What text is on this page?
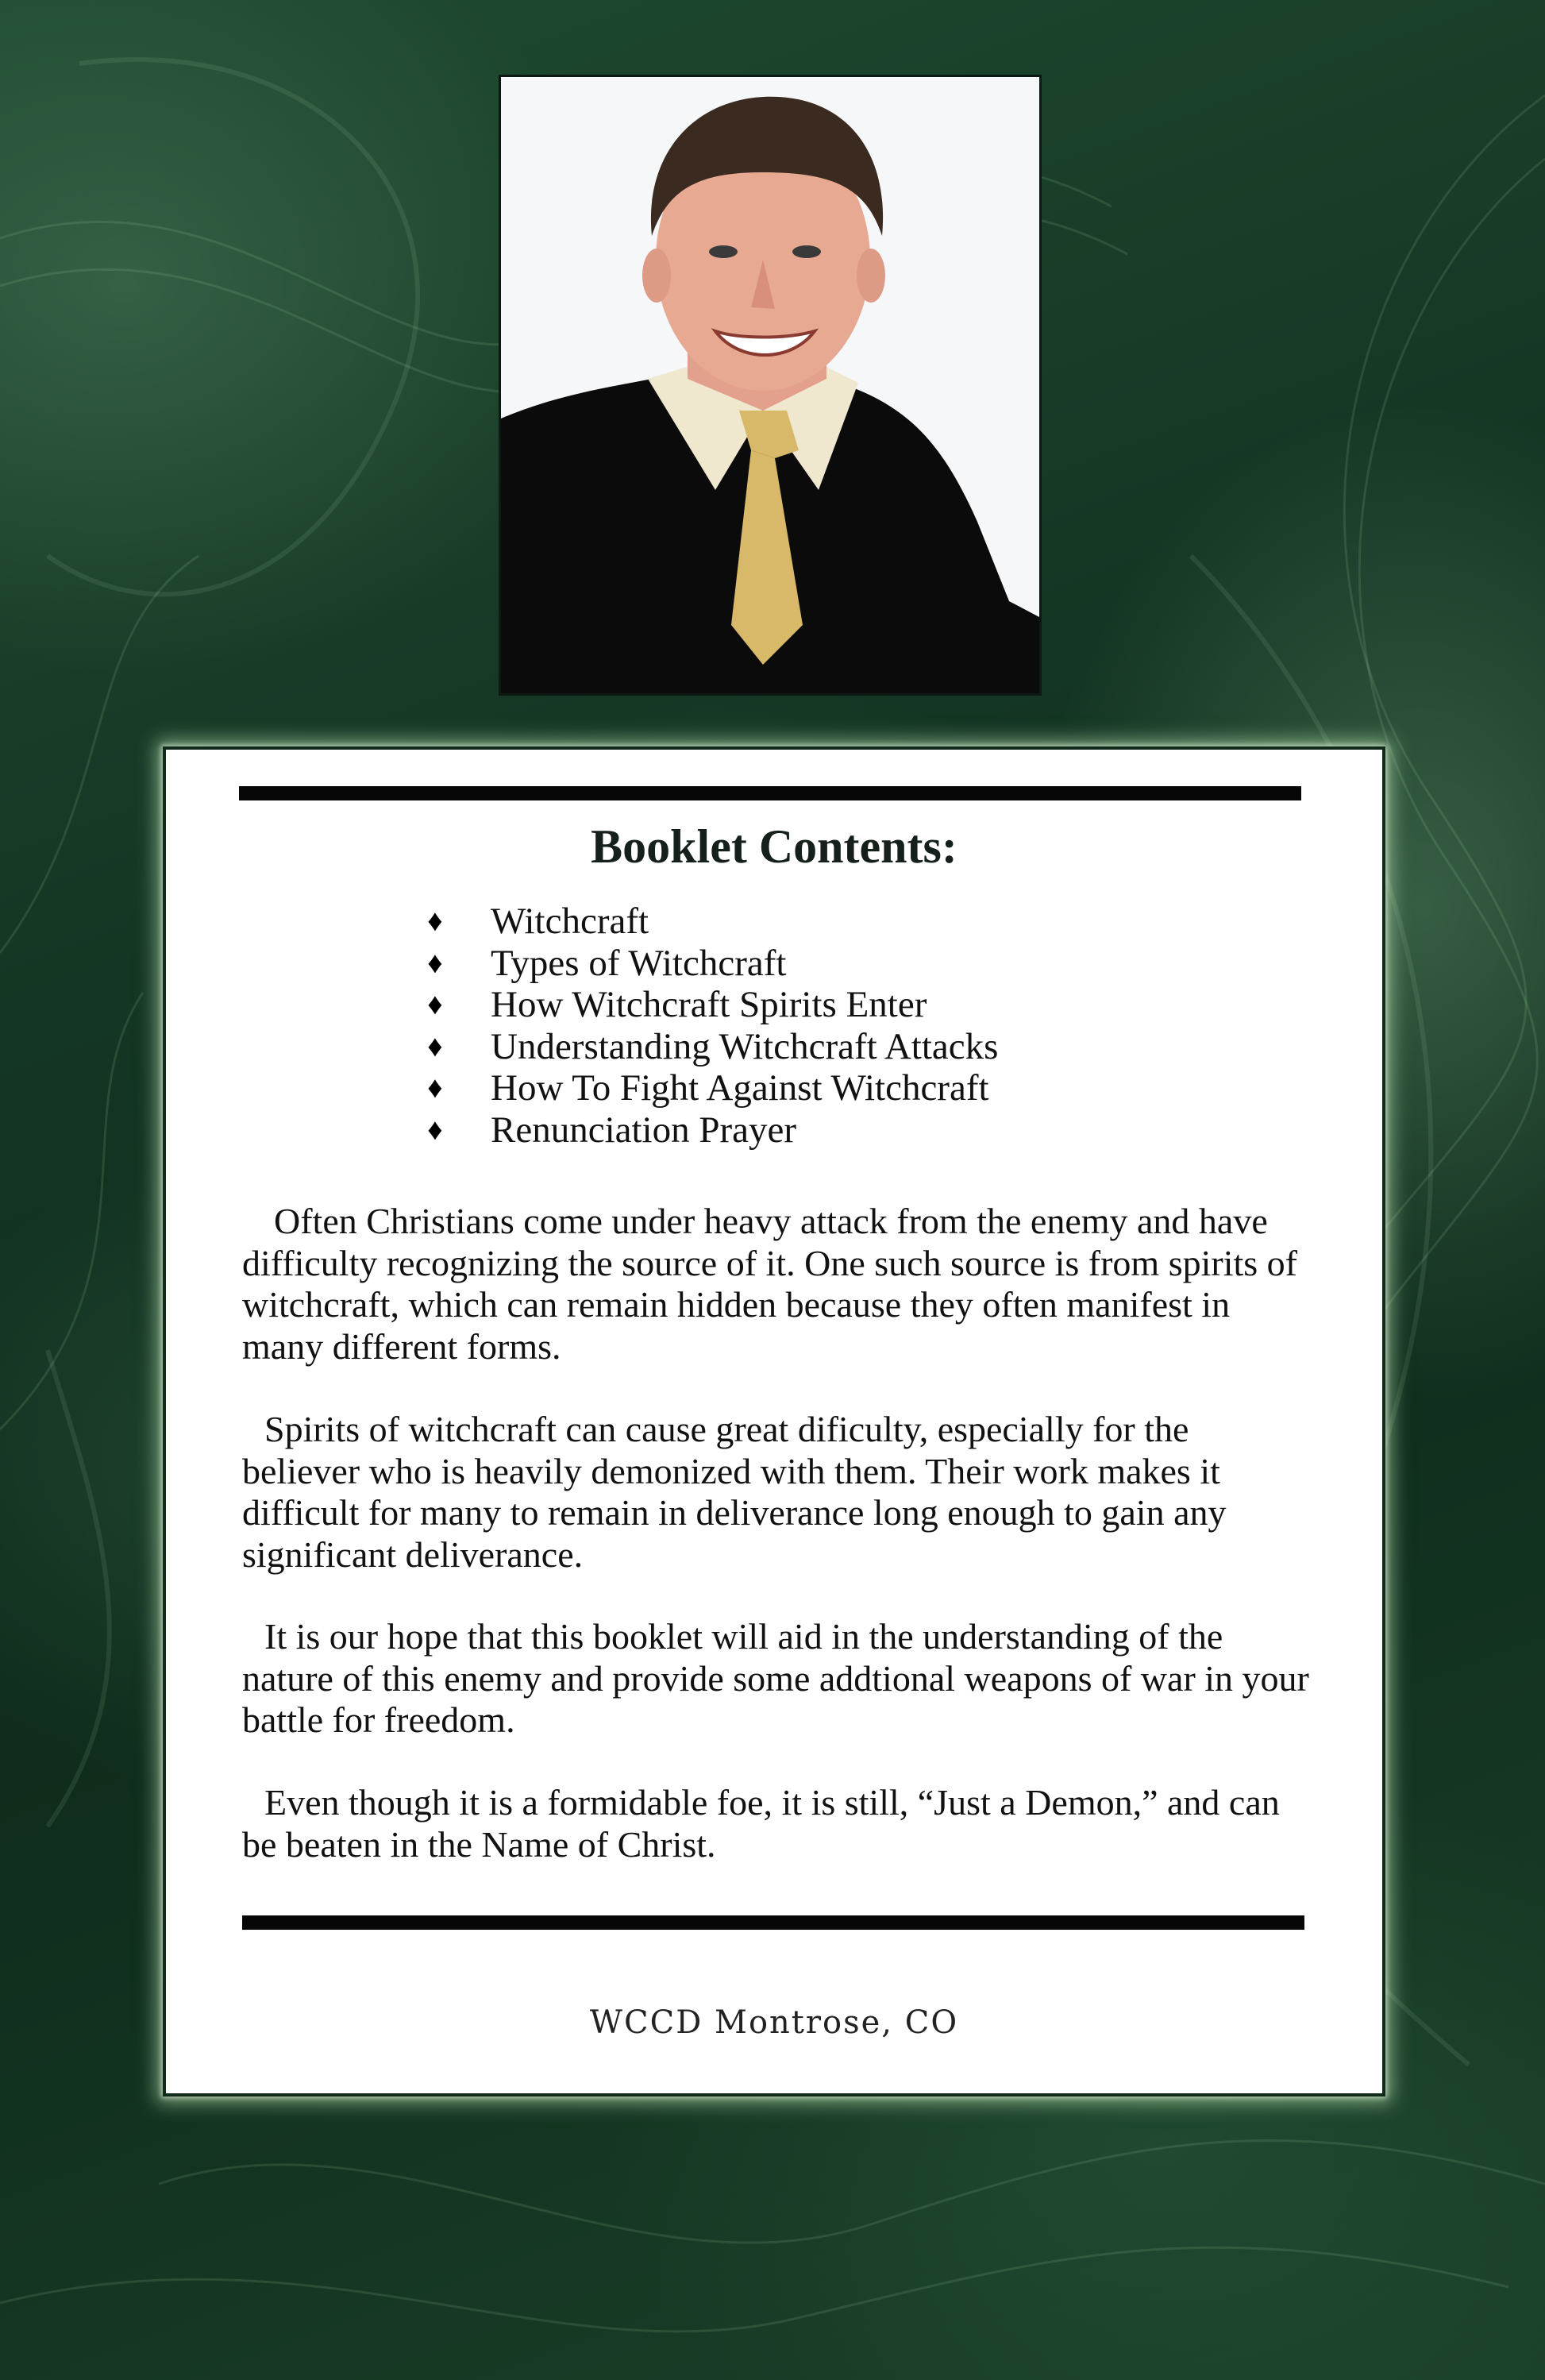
Booklet Contents:
♦ Witchcraft
♦ Types of Witchcraft
♦ How Witchcraft Spirits Enter
♦ Understanding Witchcraft Attacks
♦ How To Fight Against Witchcraft
♦ Renunciation Prayer

Often Christians come under heavy attack from the enemy and have difficulty recognizing the source of it. One such source is from spirits of witchcraft, which can remain hidden because they often manifest in many different forms.

Spirits of witchcraft can cause great dificulty, especially for the believer who is heavily demonized with them. Their work makes it difficult for many to remain in deliverance long enough to gain any significant deliverance.

It is our hope that this booklet will aid in the understanding of the nature of this enemy and provide some addtional weapons of war in your battle for freedom.

Even though it is a formidable foe, it is still, “Just a Demon,” and can be beaten in the Name of Christ.

WCCD Montrose, CO
